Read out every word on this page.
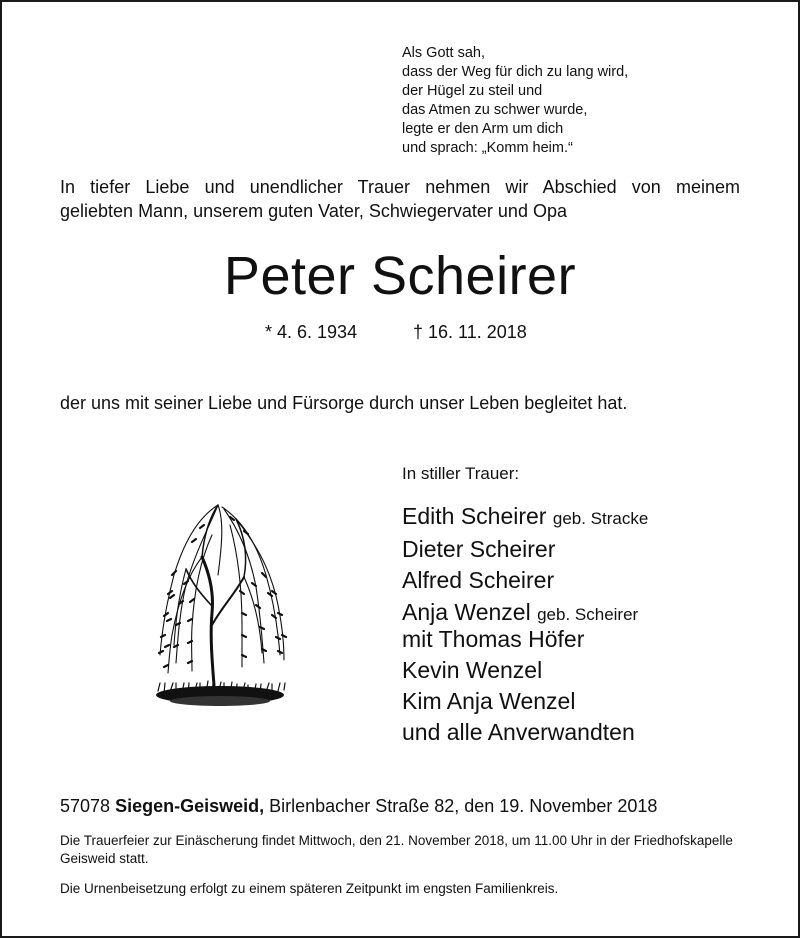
Als Gott sah,
dass der Weg für dich zu lang wird,
der Hügel zu steil und
das Atmen zu schwer wurde,
legte er den Arm um dich
und sprach: „Komm heim.“
In tiefer Liebe und unendlicher Trauer nehmen wir Abschied von meinem
geliebten Mann, unserem guten Vater, Schwiegervater und Opa
Peter Scheirer
* 4. 6. 1934	† 16. 11. 2018
der uns mit seiner Liebe und Fürsorge durch unser Leben begleitet hat.
In stiller Trauer:
Edith Scheirer geb. Stracke
Dieter Scheirer
Alfred Scheirer
Anja Wenzel geb. Scheirer
mit Thomas Höfer
Kevin Wenzel
Kim Anja Wenzel
und alle Anverwandten
57078 Siegen-Geisweid, Birlenbacher Straße 82, den 19. November 2018

Die Trauerfeier zur Einäscherung findet Mittwoch, den 21. November 2018, um 11.00 Uhr in der Friedhofskapelle Geisweid statt.

Die Urnenbeisetzung erfolgt zu einem späteren Zeitpunkt im engsten Familienkreis.
